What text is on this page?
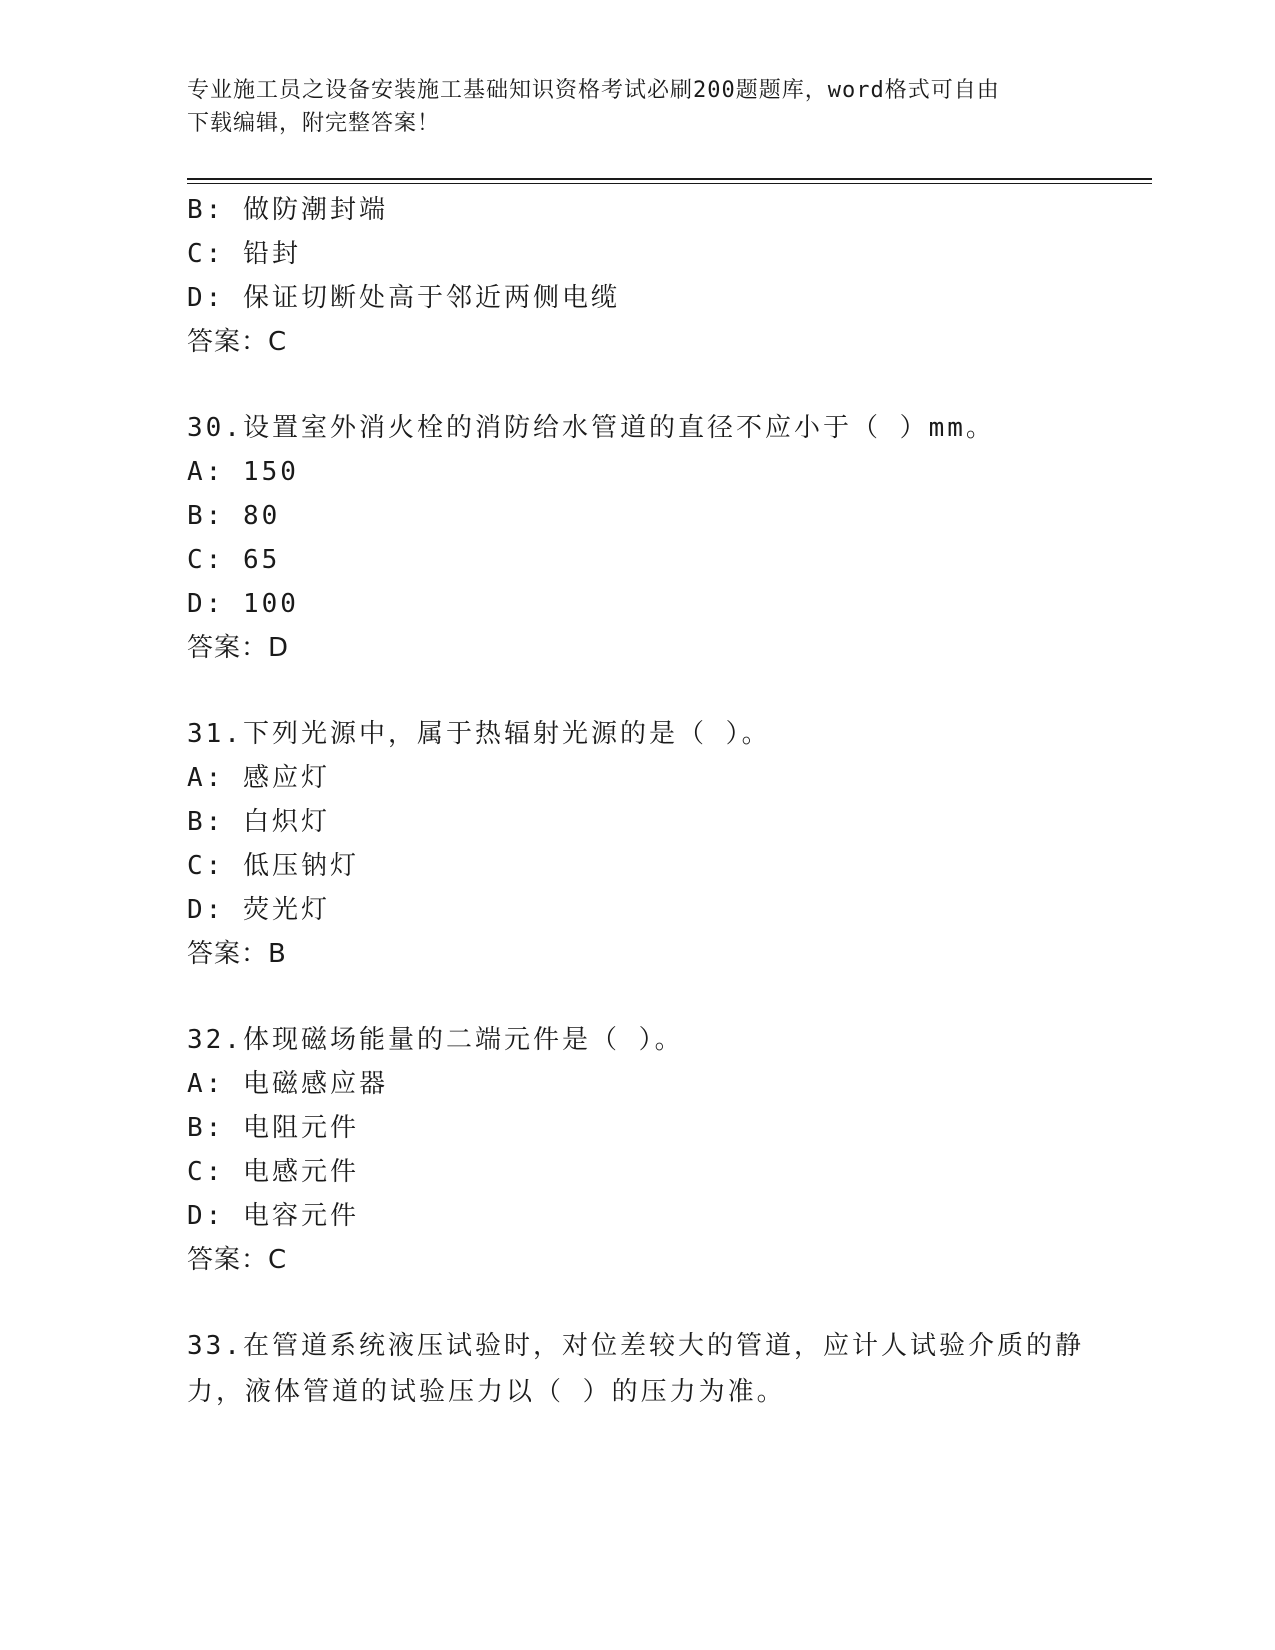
专业施工员之设备安装施工基础知识资格考试必刷200题题库，word格式可自由
下载编辑，附完整答案！
B: 做防潮封端
C: 铅封
D: 保证切断处高于邻近两侧电缆
答案：C
30.设置室外消火栓的消防给水管道的直径不应小于（ ）mm。
A: 150
B: 80
C: 65
D: 100
答案：D
31.下列光源中，属于热辐射光源的是（ ）。
A: 感应灯
B: 白炽灯
C: 低压钠灯
D: 荧光灯
答案：B
32.体现磁场能量的二端元件是（ ）。
A: 电磁感应器
B: 电阻元件
C: 电感元件
D: 电容元件
答案：C
33.在管道系统液压试验时，对位差较大的管道，应计人试验介质的静
力，液体管道的试验压力以（ ）的压力为准。
